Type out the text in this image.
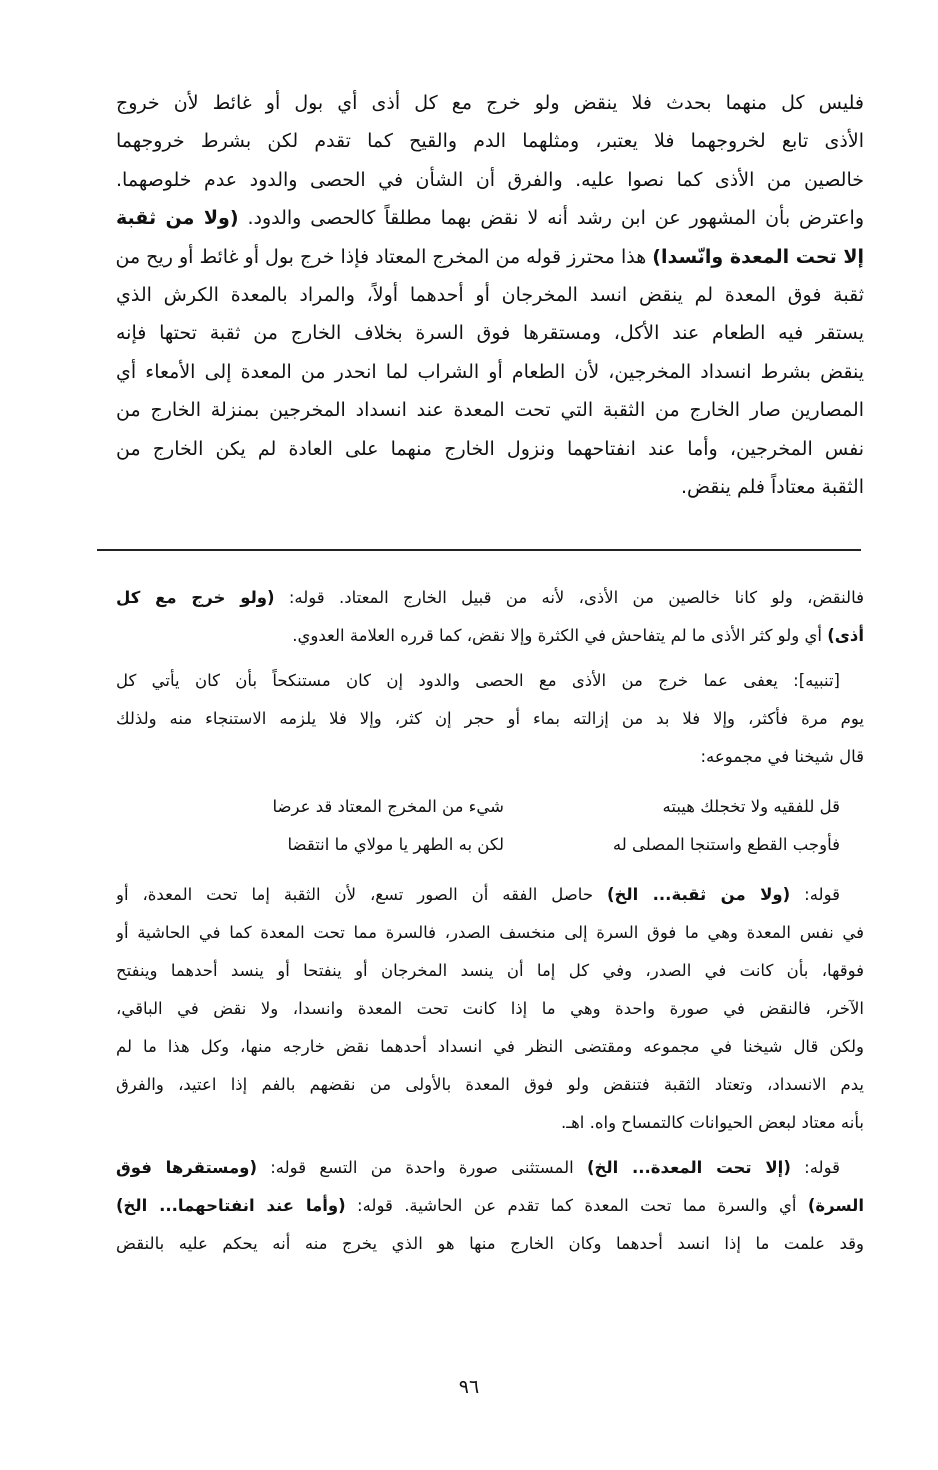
فليس كل منهما بحدث فلا ينقض ولو خرج مع كل أذى أي بول أو غائط لأن خروج
الأذى تابع لخروجهما فلا يعتبر، ومثلهما الدم والقيح كما تقدم لكن بشرط خروجهما
خالصين من الأذى كما نصوا عليه. والفرق أن الشأن في الحصى والدود عدم خلوصهما.
واعترض بأن المشهور عن ابن رشد أنه لا نقض بهما مطلقاً كالحصى والدود. (ولا من ثقبة
إلا تحت المعدة وانّسدا) هذا محترز قوله من المخرج المعتاد فإذا خرج بول أو غائط أو ريح من
ثقبة فوق المعدة لم ينقض انسد المخرجان أو أحدهما أولاً، والمراد بالمعدة الكرش الذي
يستقر فيه الطعام عند الأكل، ومستقرها فوق السرة بخلاف الخارج من ثقبة تحتها فإنه
ينقض بشرط انسداد المخرجين، لأن الطعام أو الشراب لما انحدر من المعدة إلى الأمعاء أي
المصارين صار الخارج من الثقبة التي تحت المعدة عند انسداد المخرجين بمنزلة الخارج من
نفس المخرجين، وأما عند انفتاحهما ونزول الخارج منهما على العادة لم يكن الخارج من
الثقبة معتاداً فلم ينقض.
فالنقض، ولو كانا خالصين من الأذى، لأنه من قبيل الخارج المعتاد. قوله: (ولو خرج مع كل
أذى) أي ولو كثر الأذى ما لم يتفاحش في الكثرة وإلا نقض، كما قرره العلامة العدوي.
[تنبيه]: يعفى عما خرج من الأذى مع الحصى والدود إن كان مستنكحاً بأن كان يأتي كل
يوم مرة فأكثر، وإلا فلا بد من إزالته بماء أو حجر إن كثر، وإلا فلا يلزمه الاستنجاء منه ولذلك
قال شيخنا في مجموعه:
قل للفقيه ولا تخجلك هيبته
شيء من المخرج المعتاد قد عرضا
فأوجب القطع واستنجا المصلى له
لكن به الطهر يا مولاي ما انتقضا
قوله: (ولا من ثقبة... الخ) حاصل الفقه أن الصور تسع، لأن الثقبة إما تحت المعدة، أو
في نفس المعدة وهي ما فوق السرة إلى منخسف الصدر، فالسرة مما تحت المعدة كما في الحاشية أو
فوقها، بأن كانت في الصدر، وفي كل إما أن ينسد المخرجان أو ينفتحا أو ينسد أحدهما وينفتح
الآخر، فالنقض في صورة واحدة وهي ما إذا كانت تحت المعدة وانسدا، ولا نقض في الباقي،
ولكن قال شيخنا في مجموعه ومقتضى النظر في انسداد أحدهما نقض خارجه منها، وكل هذا ما لم
يدم الانسداد، وتعتاد الثقبة فتنقض ولو فوق المعدة بالأولى من نقضهم بالفم إذا اعتيد، والفرق
بأنه معتاد لبعض الحيوانات كالتمساح واه. اهـ.
قوله: (إلا تحت المعدة... الخ) المستثنى صورة واحدة من التسع قوله: (ومستقرها فوق
السرة) أي والسرة مما تحت المعدة كما تقدم عن الحاشية. قوله: (وأما عند انفتاحهما... الخ)
وقد علمت ما إذا انسد أحدهما وكان الخارج منها هو الذي يخرج منه أنه يحكم عليه بالنقض
٩٦
